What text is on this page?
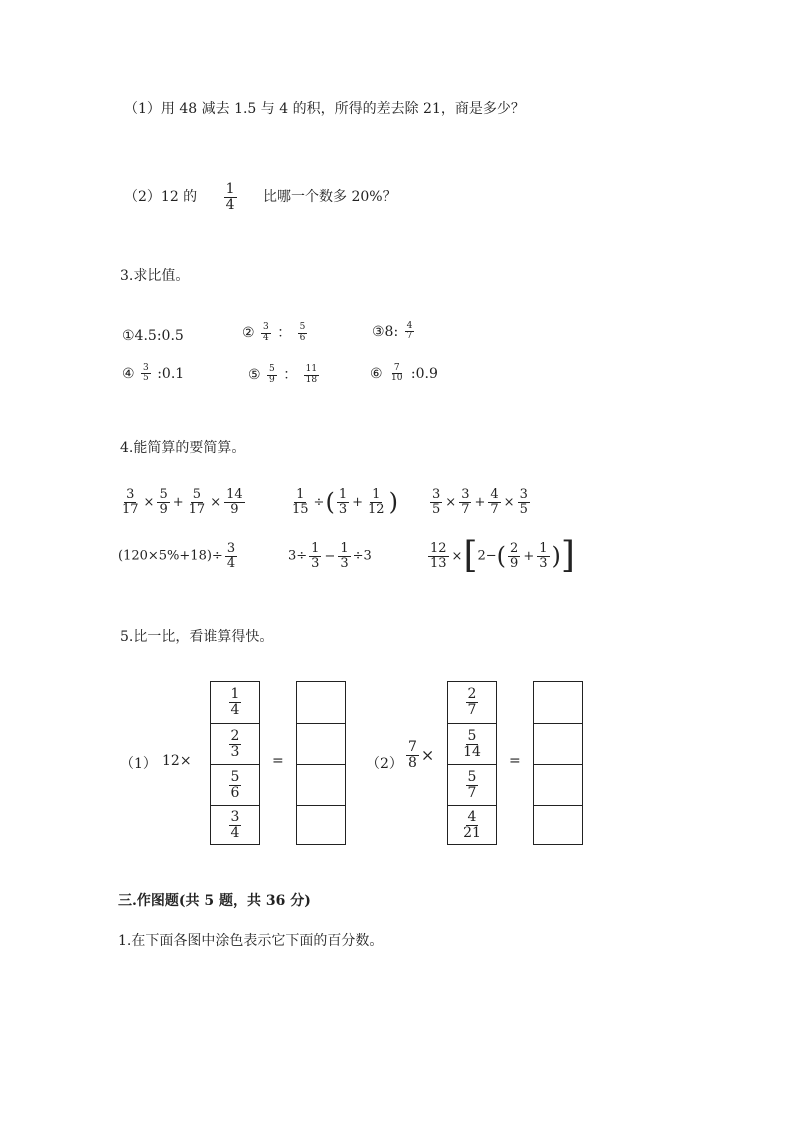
（1）用 48 减去 1.5 与 4 的积，所得的差去除 21，商是多少？
（2）12 的 $\frac{1}{4}$ 比哪一个数多 20%？
3.求比值。
①4.5:0.5	② $\frac{3}{4}$ ： $\frac{5}{6}$	③8: $\frac{4}{7}$
④ $\frac{3}{5}$ :0.1	⑤ $\frac{5}{9}$ ： $\frac{11}{18}$	⑥ $\frac{7}{10}$ :0.9
4.能简算的要简算。
$\frac{3}{17} \times \frac{5}{9} + \frac{5}{17} \times \frac{14}{9}$	$\frac{1}{15}$ ÷( $\frac{1}{3} + \frac{1}{12}$ ) $\frac{3}{5} \times \frac{3}{7} + \frac{4}{7} \times \frac{3}{5}$
$(120\times 5\%+18)\div \frac{3}{4}$	$3\div \frac{1}{3} - \frac{1}{3} \div 3$	$\frac{12}{13} \times[2-( \frac{2}{9} + \frac{1}{3}$ )]
5.比一比，看谁算得快。
（1） 12×
$\frac{1}{4}$
$\frac{2}{3}$
$\frac{5}{6}$
$\frac{3}{4}$
=	$(2) \frac{7}{8}$ ×
$\frac{2}{7}$
$\frac{5}{14}$
$\frac{5}{7}$
$\frac{4}{21}$
=
三.作图题(共 5 题，共 36 分)
1.在下面各图中涂色表示它下面的百分数。
